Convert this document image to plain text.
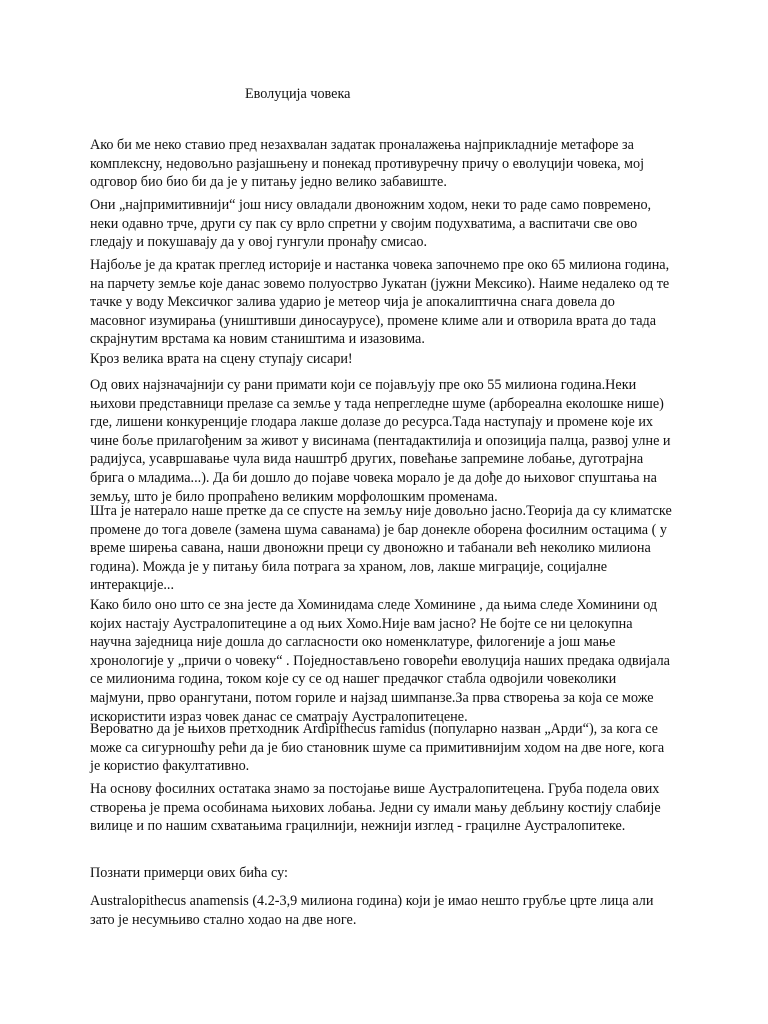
Еволуција човека

Ако би ме неко ставио пред незахвалан задатак проналажења најприкладније метафоре за
комплексну, недовољно разјашњену и понекад противуречну причу о еволуцији човека, мој
одговор био био би да је у питању једно велико забавиште.

Они „најпримитивнији“ још нису овладали двоножним ходом, неки то раде само повремено,
неки одавно трче, други су пак су врло спретни у својим подухватима, а васпитачи све ово
гледају и покушавају да у овој гунгули пронађу смисао.

Најбоље је да кратак преглед историје и настанка човека започнемо пре око 65 милиона година,
на парчету земље које данас зовемо полуострво Јукатан (јужни Мексико). Наиме недалеко од те
тачке у воду Мексичког залива ударио је метеор чија је апокалиптична снага довела до
масовног изумирања (уништивши диносаурусе), промене климе али и отворила врата до тада
скрајнутим врстама ка новим стаништима и изазовима.

Кроз велика врата на сцену ступају сисари!

Од ових најзначајнији су рани примати који се појављују пре око 55 милиона година.Неки
њихови представници прелазе са земље у тада непрегледне шуме (арбореална еколошке нише)
где, лишени конкуренције глодара лакше долазе до ресурса.Тада наступају и промене које их
чине боље прилагођеним за живот у висинама (пентадактилија и опозиција палца, развој улне и
радијуса, усавршавање чула вида наuштрб других, повећање запремине лобање, дуготрајна
брига о младима...). Да би дошло до појаве човека морало је да дође до њиховог спуштања на
земљу, што је било пропраћено великим морфолошким променама.

Шта је натерало наше претке да се спусте на земљу није довољно јасно.Теорија да су климатске
промене до тога довеле (замена шума саванама) је бар донекле оборена фосилним остацима ( у
време ширења савана, наши двоножни преци су двоножно и табанали већ неколико милиона
година). Можда је у питању била потрага за храном, лов, лакше миграције, социјалне
интеракције...

Како било оно што се зна јесте да Хоминидама следе Хоминине , да њима следе Хоминини од
којих настају Аустралопитецине а од њих Хомо.Није вам јасно? Не бојте се ни целокупна
научна заједница није дошла до сагласности око номенклатуре, филогеније а још мање
хронологије у „причи о човеку“ . Поједностављено говорећи еволуција наших предака одвијала
се милионима година, током које су се од нашег предачког стабла одвојили човеколики
мајмуни, прво орангутани, потом гориле и најзад шимпанзе.За прва створења за која се може
искористити израз човек данас се сматрају Аустралопитецене.

Вероватно да је њихов претходник Ardipithecus ramidus (популарно назван „Арди“), за кога се
може са сигурношћу рећи да је био становник шуме са примитивнијим ходом на две ноге, кога
је користио факултативно.

На основу фосилних остатака знамо за постојање више Аустралопитецена. Груба подела ових
створења је према особинама њихових лобања. Једни су имали мању дебљину костију слабије
вилице и по нашим схватањима грацилнији, нежнији изглед - грацилне Аустралопитеке.

Познати примерци ових бића су:

Australopithecus anamensis (4.2-3,9 милиона година) који је имао нешто грубље црте лица али
зато је несумњиво стално ходао на две ноге.
